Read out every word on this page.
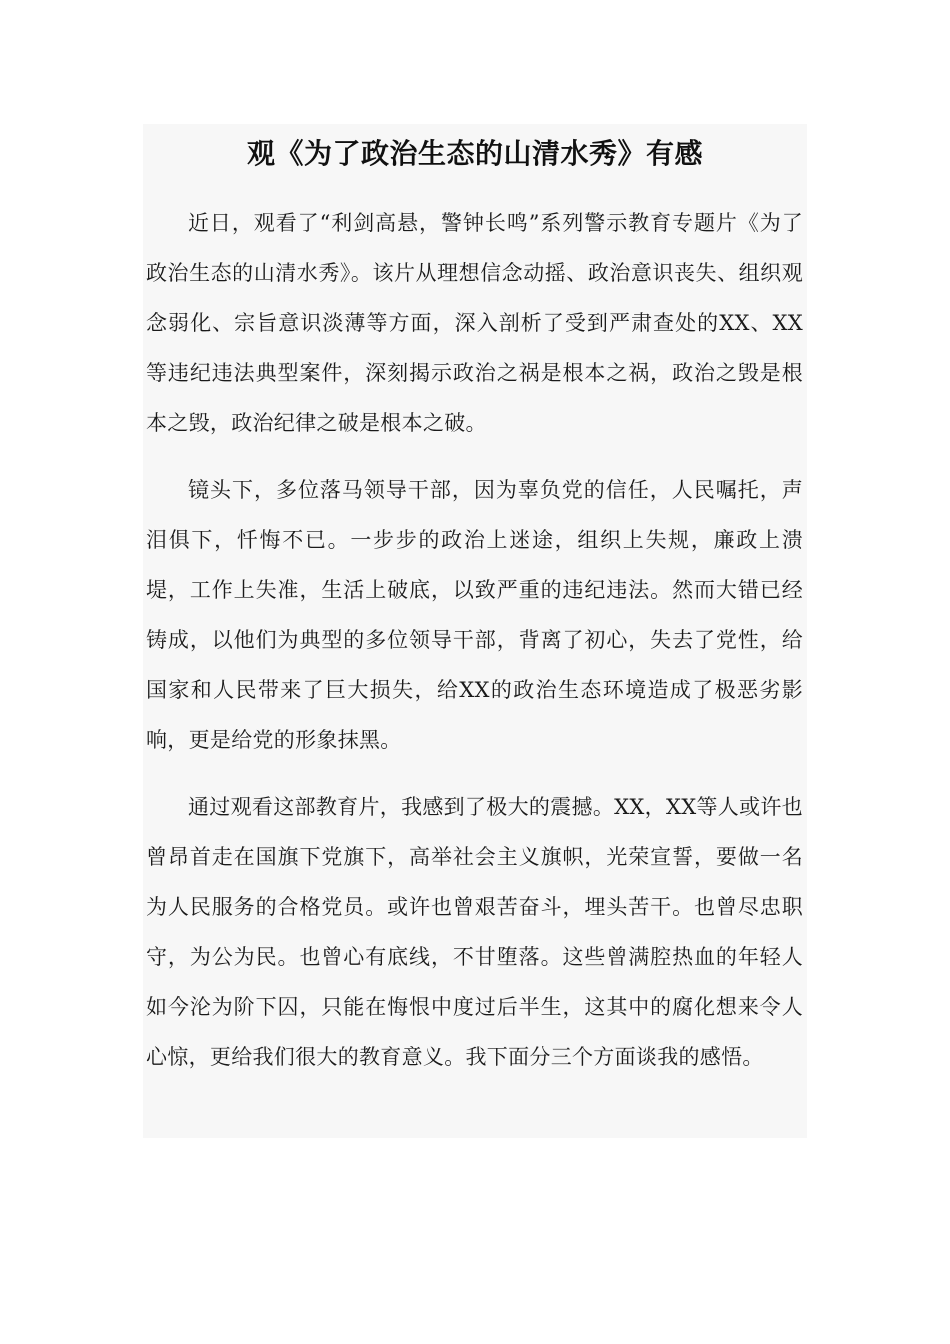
观《为了政治生态的山清水秀》有感

近日，观看了“利剑高悬，警钟长鸣”系列警示教育专题片《为了政治生态的山清水秀》。该片从理想信念动摇、政治意识丧失、组织观念弱化、宗旨意识淡薄等方面，深入剖析了受到严肃查处的XX、XX等违纪违法典型案件，深刻揭示政治之祸是根本之祸，政治之毁是根本之毁，政治纪律之破是根本之破。

镜头下，多位落马领导干部，因为辜负党的信任，人民嘱托，声泪俱下，忏悔不已。一步步的政治上迷途，组织上失规，廉政上溃堤，工作上失准，生活上破底，以致严重的违纪违法。然而大错已经铸成，以他们为典型的多位领导干部，背离了初心，失去了党性，给国家和人民带来了巨大损失，给XX的政治生态环境造成了极恶劣影响，更是给党的形象抹黑。

通过观看这部教育片，我感到了极大的震撼。XX，XX等人或许也曾昂首走在国旗下党旗下，高举社会主义旗帜，光荣宣誓，要做一名为人民服务的合格党员。或许也曾艰苦奋斗，埋头苦干。也曾尽忠职守，为公为民。也曾心有底线，不甘堕落。这些曾满腔热血的年轻人如今沦为阶下囚，只能在悔恨中度过后半生，这其中的腐化想来令人心惊，更给我们很大的教育意义。我下面分三个方面谈我的感悟。
